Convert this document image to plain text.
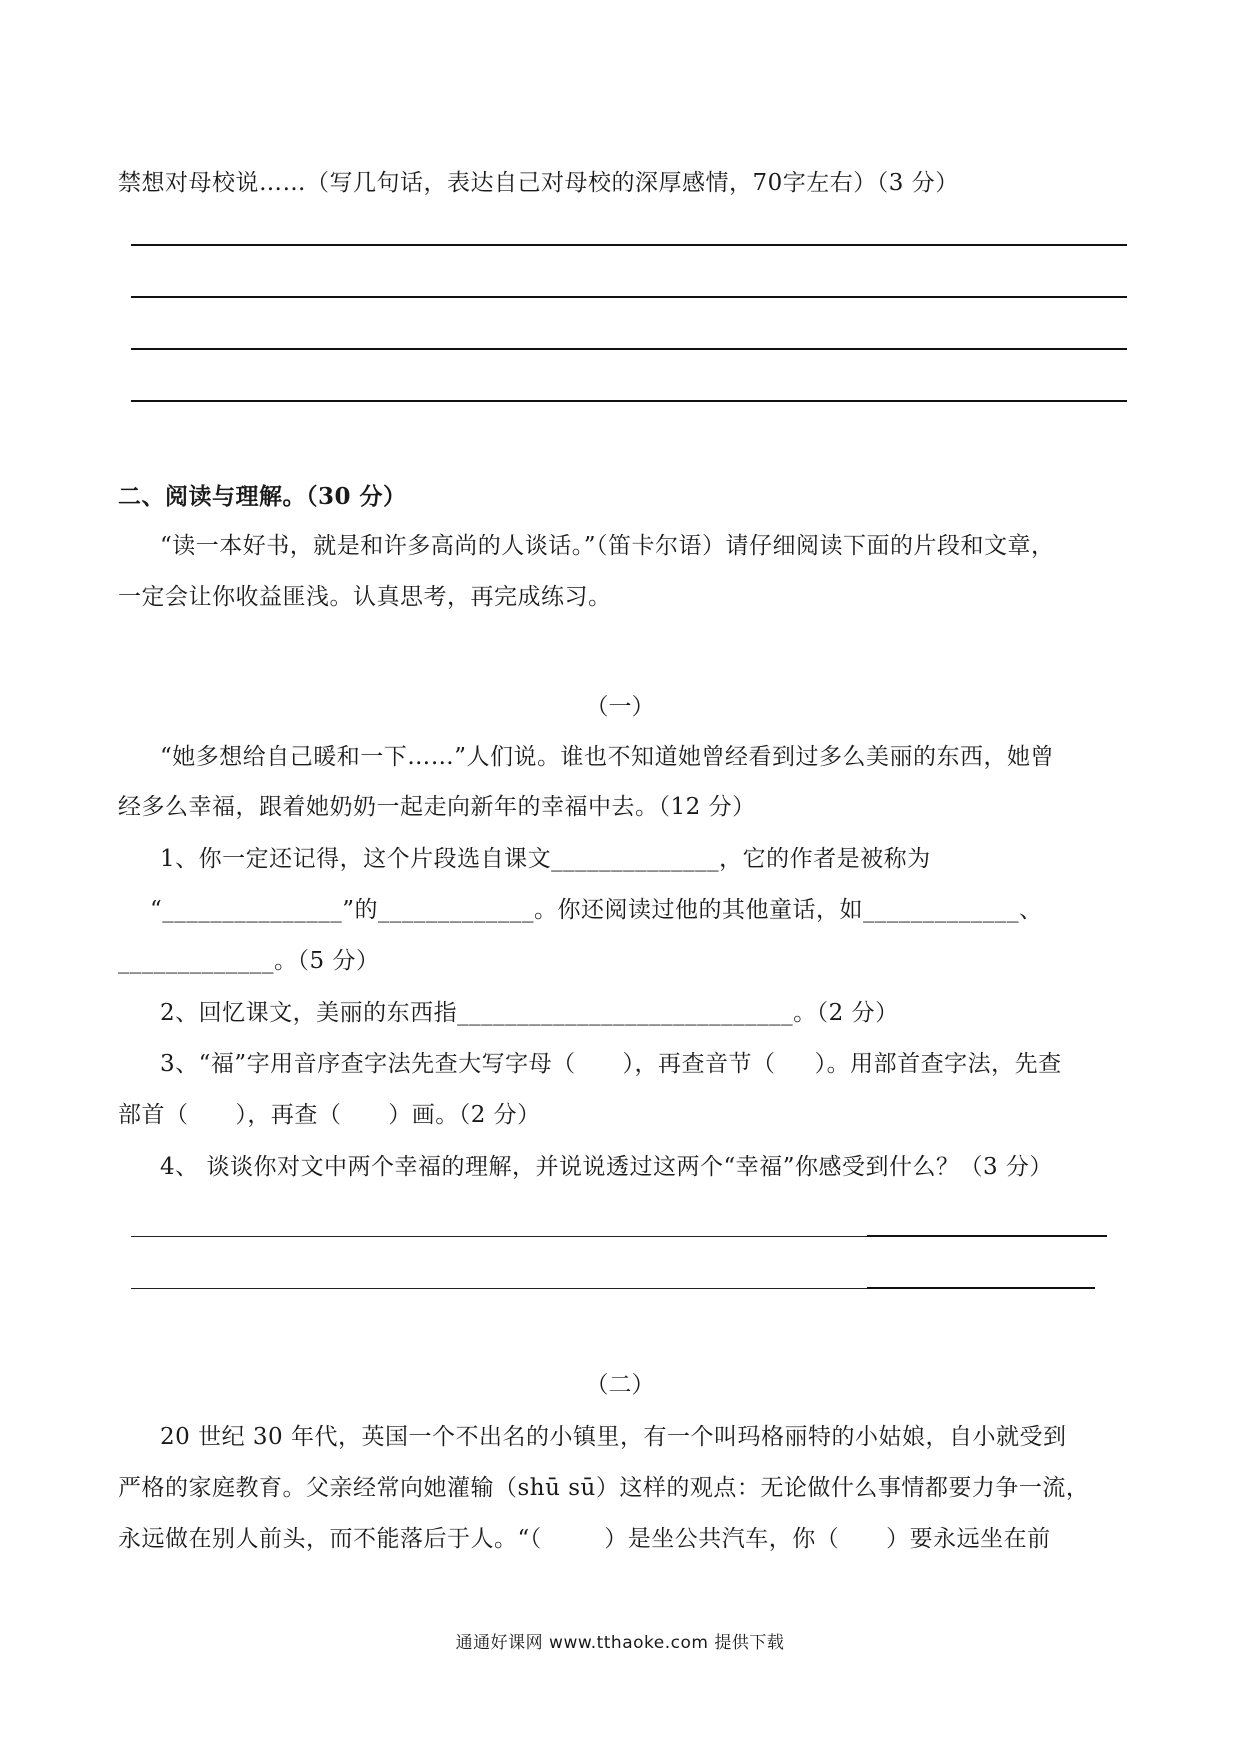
禁想对母校说……（写几句话，表达自己对母校的深厚感情，70字左右）（3 分）
二、阅读与理解。（30 分）
“读一本好书，就是和许多高尚的人谈话。”（笛卡尔语）请仔细阅读下面的片段和文章，
一定会让你收益匪浅。认真思考，再完成练习。
（一）
“她多想给自己暖和一下……”人们说。谁也不知道她曾经看到过多么美丽的东西，她曾
经多么幸福，跟着她奶奶一起走向新年的幸福中去。（12 分）
1、你一定还记得，这个片段选自课文______________，它的作者是被称为
“_______________”的_____________。你还阅读过他的其他童话，如_____________、
_____________。（5 分）
2、回忆课文，美丽的东西指____________________________。（2 分）
3、“福”字用音序查字法先查大写字母（      ），再查音节（     ）。用部首查字法，先查
部首（      ），再查（      ）画。（2 分）
4、 谈谈你对文中两个幸福的理解，并说说透过这两个“幸福”你感受到什么？（3 分）
（二）
20 世纪 30 年代，英国一个不出名的小镇里，有一个叫玛格丽特的小姑娘，自小就受到
严格的家庭教育。父亲经常向她灌输（shū sū）这样的观点：无论做什么事情都要力争一流，
永远做在别人前头，而不能落后于人。“（        ）是坐公共汽车，你（      ）要永远坐在前
通通好课网 www.tthaoke.com 提供下载
